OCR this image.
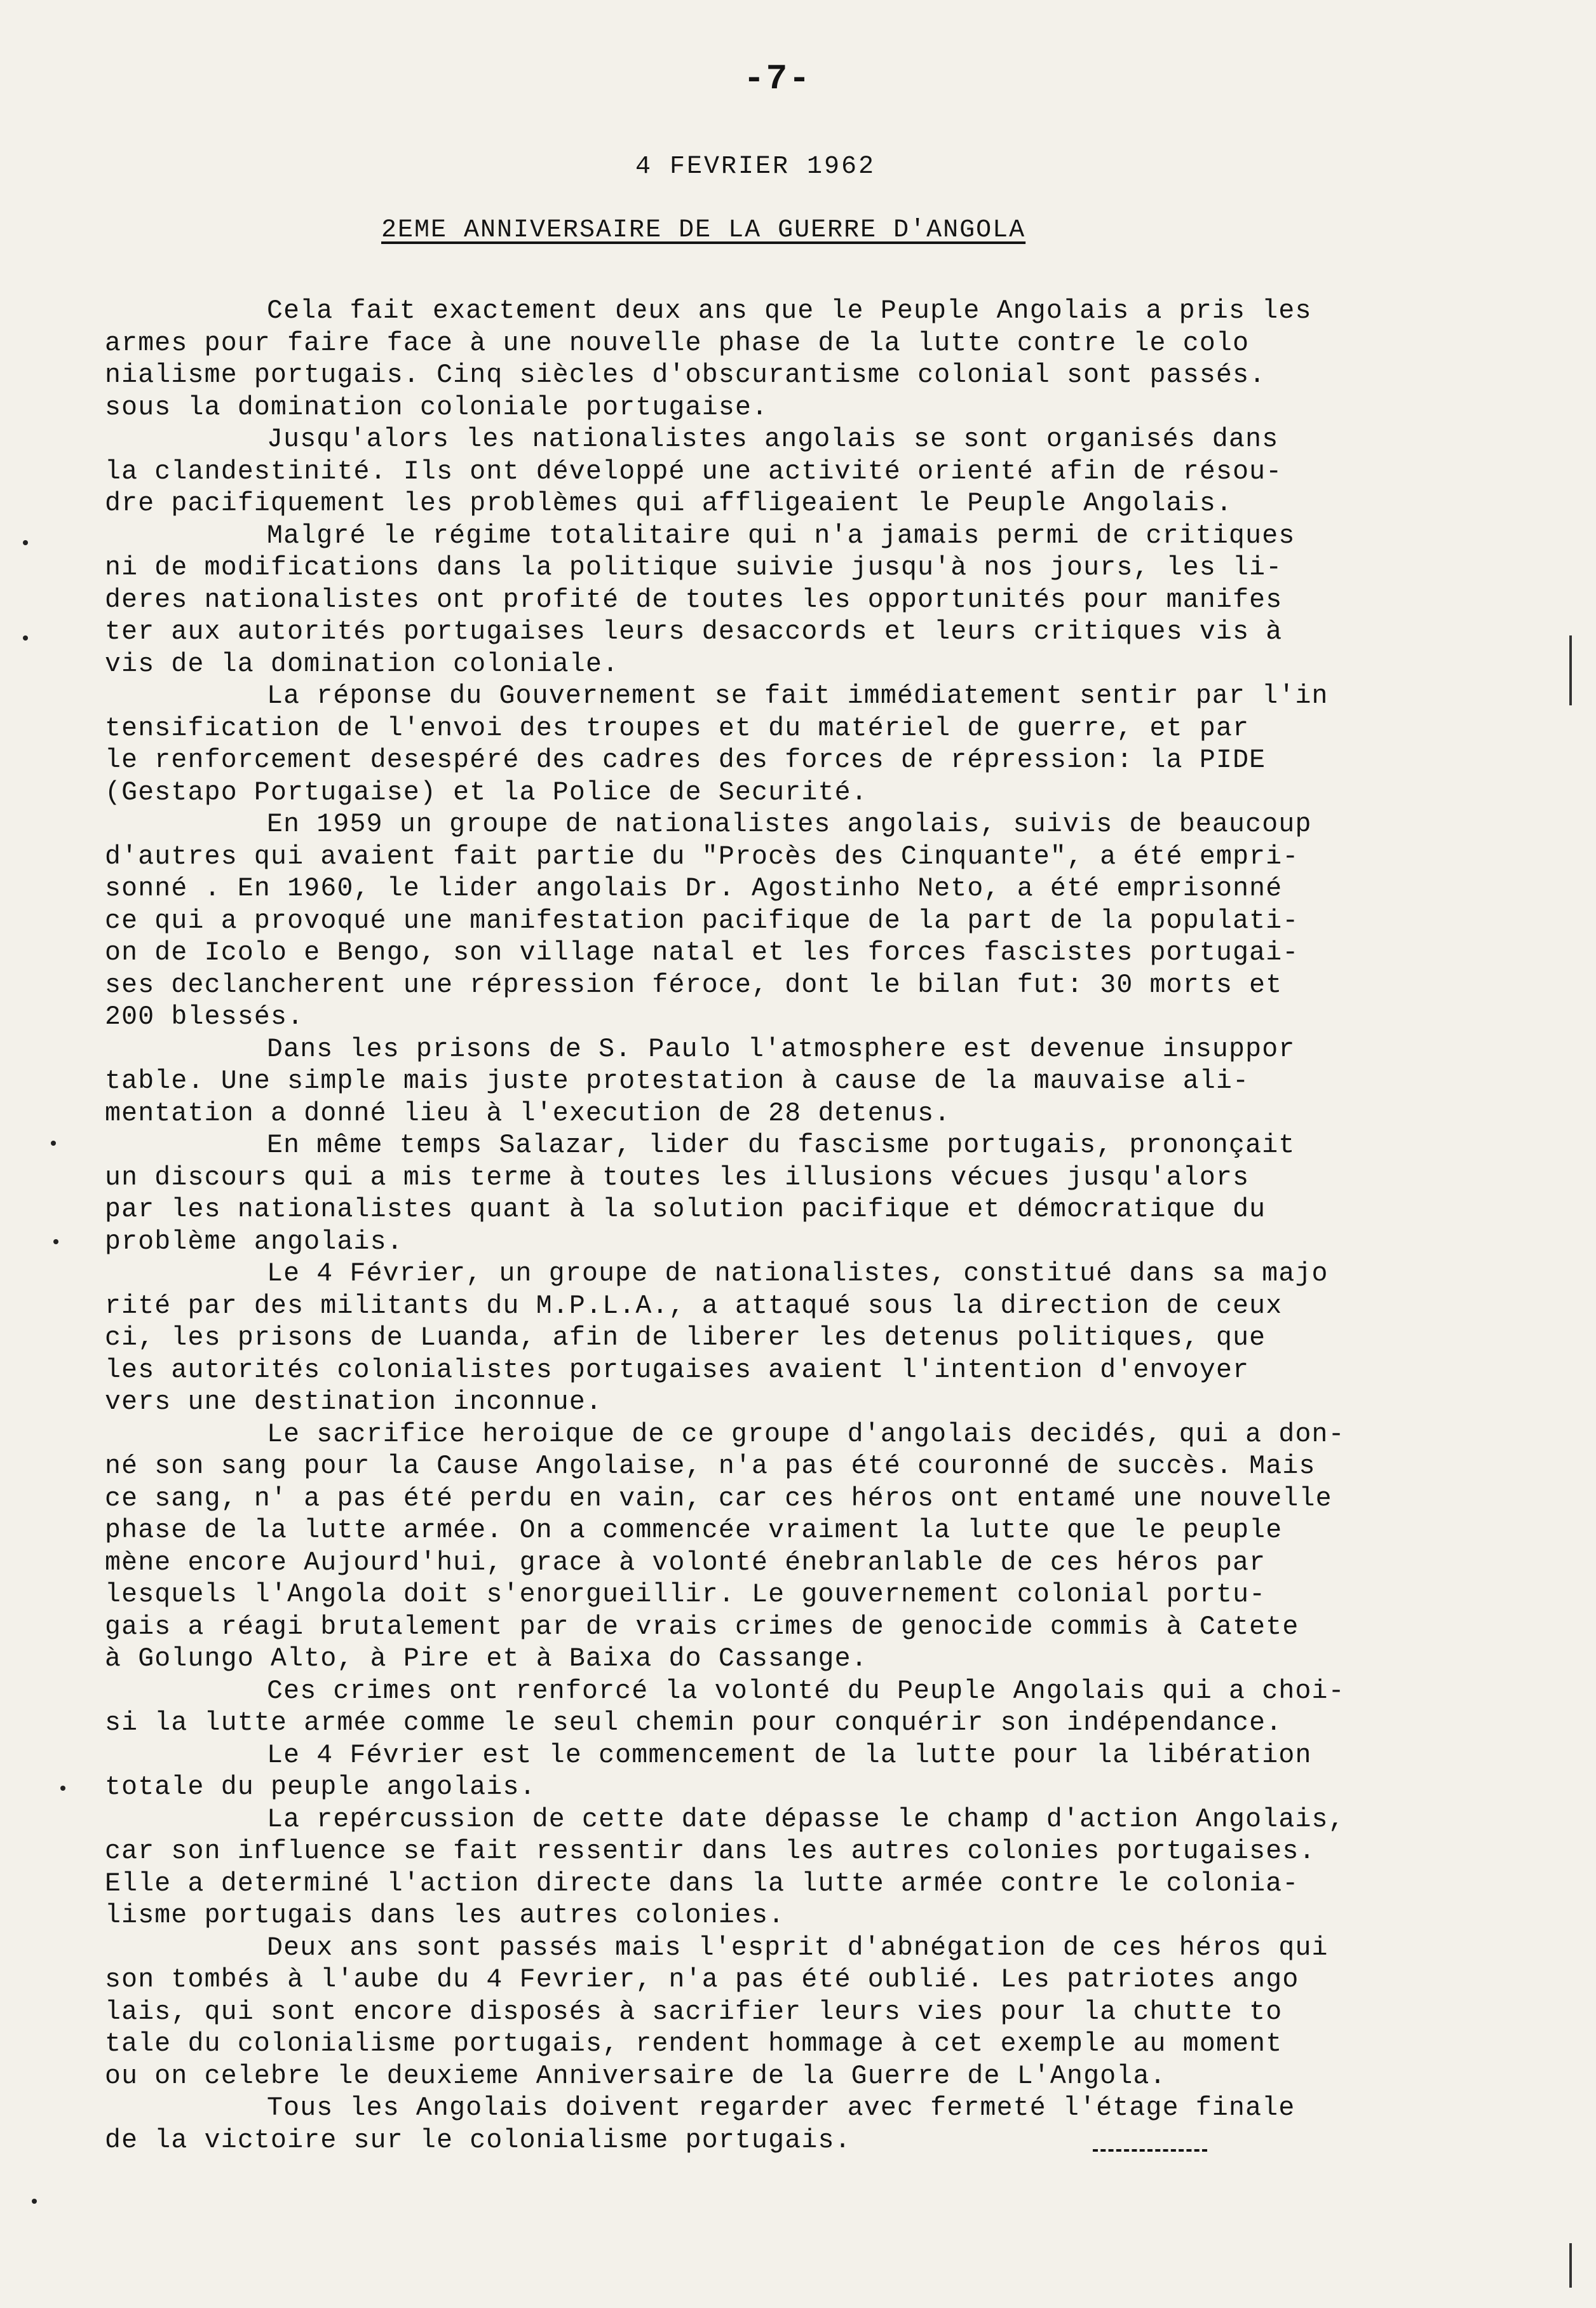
-7-
4 FEVRIER 1962
2EME ANNIVERSAIRE DE LA GUERRE D'ANGOLA
Cela fait exactement deux ans que le Peuple Angolais a pris les
armes pour faire face à une nouvelle phase de la lutte contre le colo
nialisme portugais. Cinq siècles d'obscurantisme colonial sont passés.
sous la domination coloniale portugaise.
Jusqu'alors les nationalistes angolais se sont organisés dans
la clandestinité. Ils ont développé une activité orienté afin de résou-
dre pacifiquement les problèmes qui affligeaient le Peuple Angolais.
Malgré le régime totalitaire qui n'a jamais permi de critiques
ni de modifications dans la politique suivie jusqu'à nos jours, les li-
deres nationalistes ont profité de toutes les opportunités pour manifes
ter aux autorités portugaises leurs desaccords et leurs critiques vis à
vis de la domination coloniale.
La réponse du Gouvernement se fait immédiatement sentir par l'in
tensification de l'envoi des troupes et du matériel de guerre, et par
le renforcement desespéré des cadres des forces de répression: la PIDE
(Gestapo Portugaise) et la Police de Securité.
En 1959 un groupe de nationalistes angolais, suivis de beaucoup
d'autres qui avaient fait partie du "Procès des Cinquante", a été empri-
sonné . En 1960, le lider angolais Dr. Agostinho Neto, a été emprisonné
ce qui a provoqué une manifestation pacifique de la part de la populati-
on de Icolo e Bengo, son village natal et les forces fascistes portugai-
ses declancherent une répression féroce, dont le bilan fut: 30 morts et
200 blessés.
Dans les prisons de S. Paulo l'atmosphere est devenue insuppor
table. Une simple mais juste protestation à cause de la mauvaise ali-
mentation a donné lieu à l'execution de 28 detenus.
En même temps Salazar, lider du fascisme portugais, prononçait
un discours qui a mis terme à toutes les illusions vécues jusqu'alors
par les nationalistes quant à la solution pacifique et démocratique du
problème angolais.
Le 4 Février, un groupe de nationalistes, constitué dans sa majo
rité par des militants du M.P.L.A., a attaqué sous la direction de ceux
ci, les prisons de Luanda, afin de liberer les detenus politiques, que
les autorités colonialistes portugaises avaient l'intention d'envoyer
vers une destination inconnue.
Le sacrifice heroique de ce groupe d'angolais decidés, qui a don-
né son sang pour la Cause Angolaise, n'a pas été couronné de succès. Mais
ce sang, n' a pas été perdu en vain, car ces héros ont entamé une nouvelle
phase de la lutte armée. On a commencée vraiment la lutte que le peuple
mène encore Aujourd'hui, grace à volonté énebranlable de ces héros par
lesquels l'Angola doit s'enorgueillir. Le gouvernement colonial portu-
gais a réagi brutalement par de vrais crimes de genocide commis à Catete
à Golungo Alto, à Pire et à Baixa do Cassange.
Ces crimes ont renforcé la volonté du Peuple Angolais qui a choi-
si la lutte armée comme le seul chemin pour conquérir son indépendance.
Le 4 Février est le commencement de la lutte pour la libération
totale du peuple angolais.
La repércussion de cette date dépasse le champ d'action Angolais,
car son influence se fait ressentir dans les autres colonies portugaises.
Elle a determiné l'action directe dans la lutte armée contre le colonia-
lisme portugais dans les autres colonies.
Deux ans sont passés mais l'esprit d'abnégation de ces héros qui
son tombés à l'aube du 4 Fevrier, n'a pas été oublié. Les patriotes ango
lais, qui sont encore disposés à sacrifier leurs vies pour la chutte to
tale du colonialisme portugais, rendent hommage à cet exemple au moment
ou on celebre le deuxieme Anniversaire de la Guerre de L'Angola.
Tous les Angolais doivent regarder avec fermeté l'étage finale
de la victoire sur le colonialisme portugais.
